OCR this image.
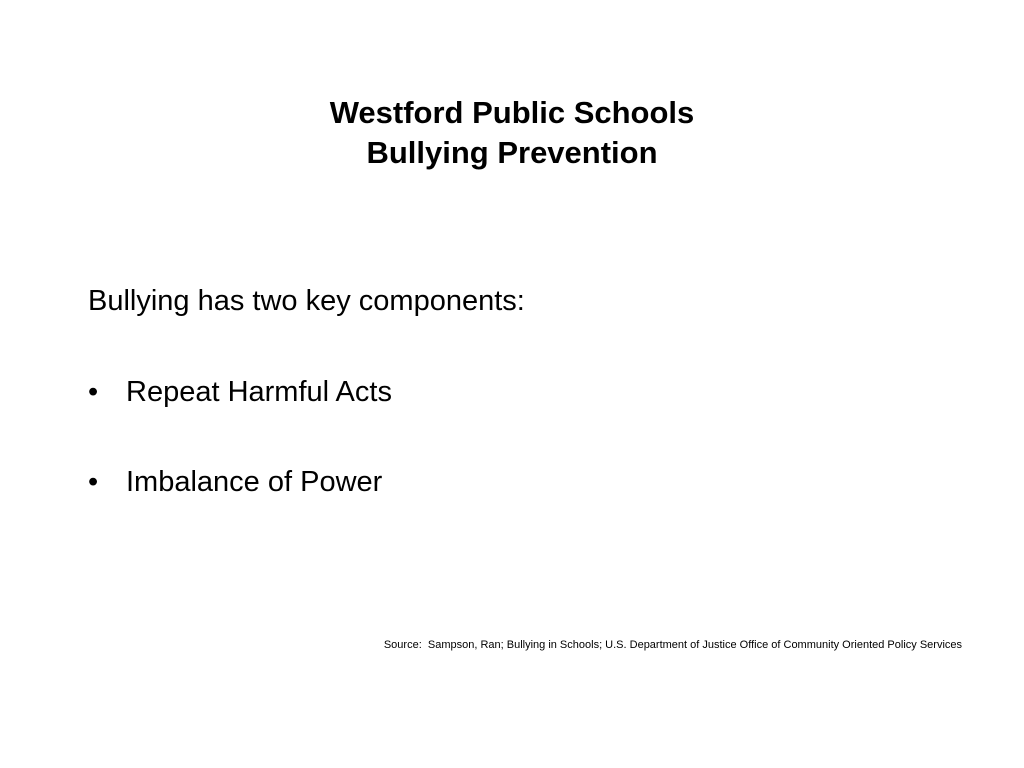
Westford Public Schools
Bullying Prevention
Bullying has two key components:
• Repeat Harmful Acts
• Imbalance of Power
Source:  Sampson, Ran; Bullying in Schools; U.S. Department of Justice Office of Community Oriented Policy Services
